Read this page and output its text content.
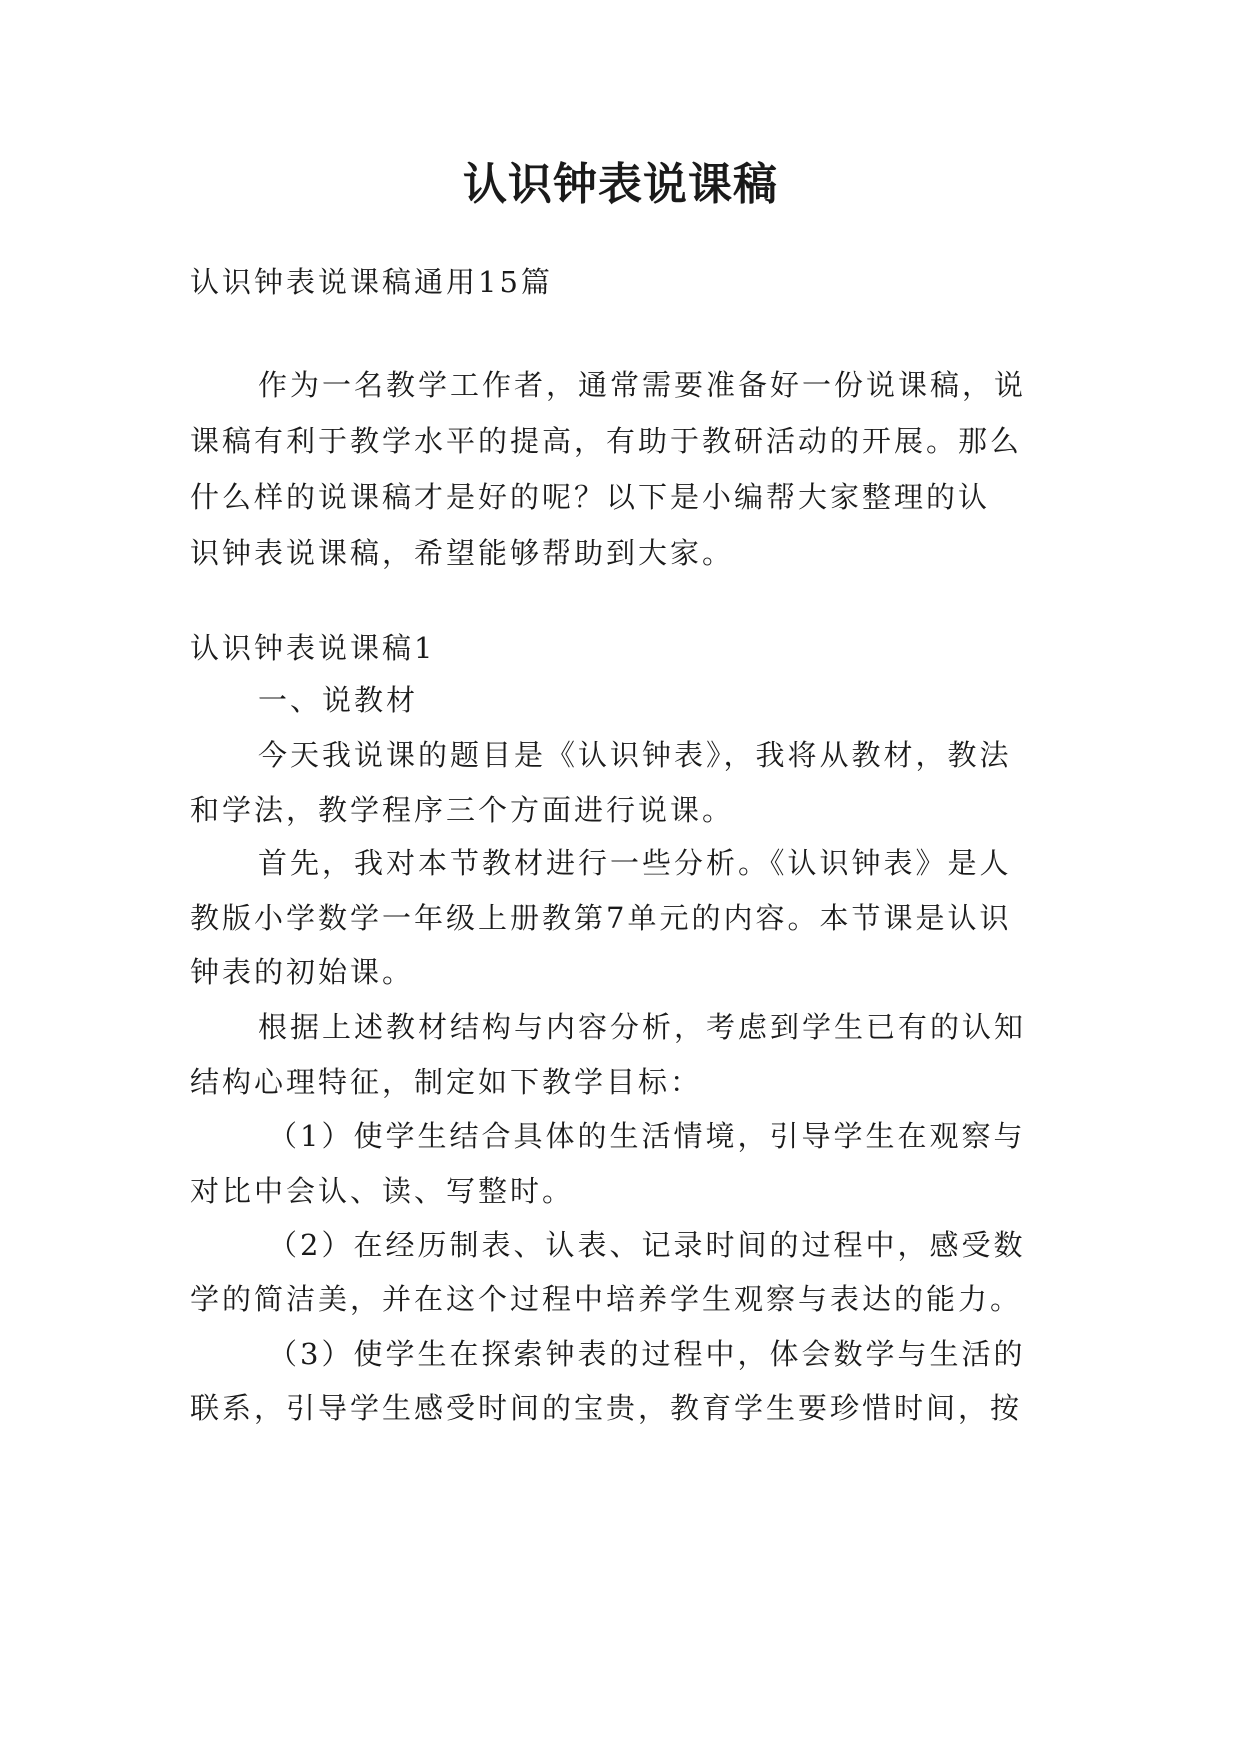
认识钟表说课稿

认识钟表说课稿通用15篇

作为一名教学工作者，通常需要准备好一份说课稿，说

课稿有利于教学水平的提高，有助于教研活动的开展。那么

什么样的说课稿才是好的呢？以下是小编帮大家整理的认

识钟表说课稿，希望能够帮助到大家。

认识钟表说课稿1

一、说教材

今天我说课的题目是《认识钟表》，我将从教材，教法

和学法，教学程序三个方面进行说课。

首先，我对本节教材进行一些分析。《认识钟表》是人

教版小学数学一年级上册教第7单元的内容。本节课是认识

钟表的初始课。

根据上述教材结构与内容分析，考虑到学生已有的认知

结构心理特征，制定如下教学目标：

（1）使学生结合具体的生活情境，引导学生在观察与

对比中会认、读、写整时。

（2）在经历制表、认表、记录时间的过程中，感受数

学的简洁美，并在这个过程中培养学生观察与表达的能力。

（3）使学生在探索钟表的过程中，体会数学与生活的

联系，引导学生感受时间的宝贵，教育学生要珍惜时间，按
